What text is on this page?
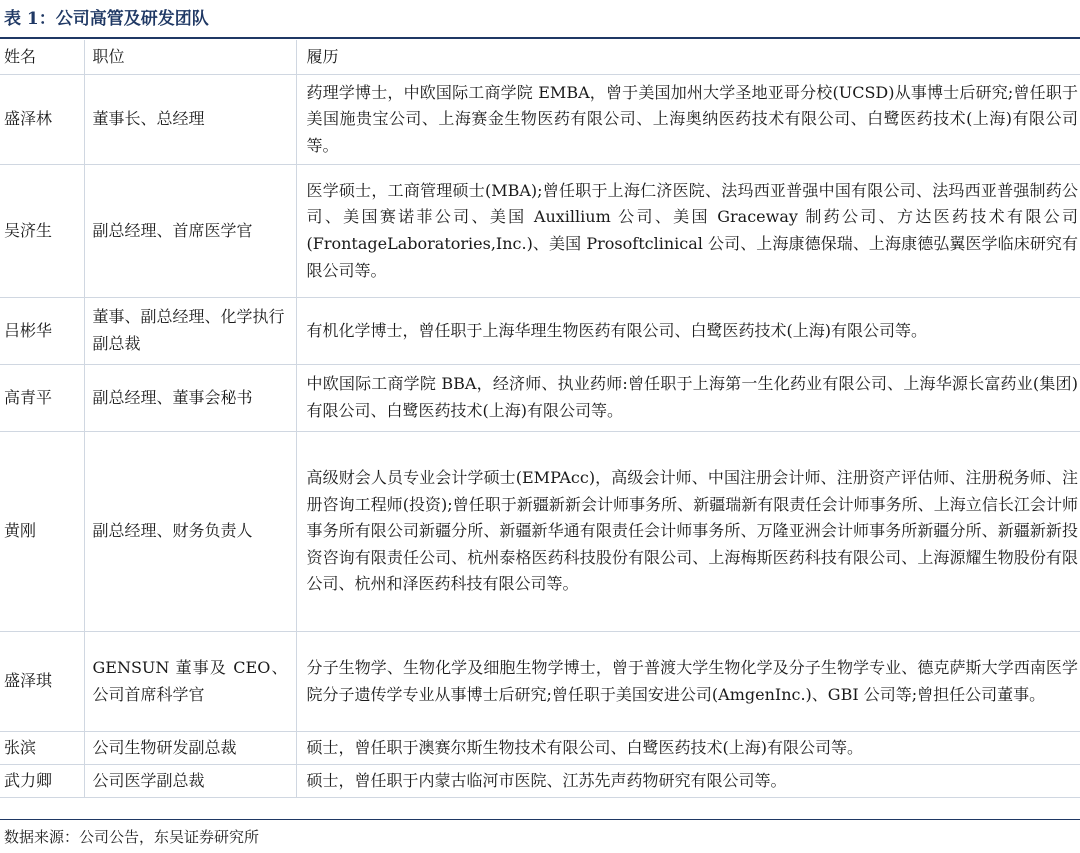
表 1：公司高管及研发团队
姓名	职位	履历
盛泽林	董事长、总经理	药理学博士，中欧国际工商学院 EMBA，曾于美国加州大学圣地亚哥分校(UCSD)从事博士后研究;曾任职于美国施贵宝公司、上海赛金生物医药有限公司、上海奥纳医药技术有限公司、白鹭医药技术(上海)有限公司等。
吴济生	副总经理、首席医学官	医学硕士，工商管理硕士(MBA);曾任职于上海仁济医院、法玛西亚普强中国有限公司、法玛西亚普强制药公司、美国赛诺菲公司、美国 Auxillium 公司、美国 Graceway 制药公司、方达医药技术有限公司(FrontageLaboratories,Inc.)、美国 Prosoftclinical 公司、上海康德保瑞、上海康德弘翼医学临床研究有限公司等。
吕彬华	董事、副总经理、化学执行副总裁	有机化学博士，曾任职于上海华理生物医药有限公司、白鹭医药技术(上海)有限公司等。
高青平	副总经理、董事会秘书	中欧国际工商学院 BBA，经济师、执业药师:曾任职于上海第一生化药业有限公司、上海华源长富药业(集团)有限公司、白鹭医药技术(上海)有限公司等。
黄刚	副总经理、财务负责人	高级财会人员专业会计学硕士(EMPAcc)，高级会计师、中国注册会计师、注册资产评估师、注册税务师、注册咨询工程师(投资);曾任职于新疆新新会计师事务所、新疆瑞新有限责任会计师事务所、上海立信长江会计师事务所有限公司新疆分所、新疆新华通有限责任会计师事务所、万隆亚洲会计师事务所新疆分所、新疆新新投资咨询有限责任公司、杭州泰格医药科技股份有限公司、上海梅斯医药科技有限公司、上海源耀生物股份有限公司、杭州和泽医药科技有限公司等。
盛泽琪	GENSUN 董事及 CEO、公司首席科学官	分子生物学、生物化学及细胞生物学博士，曾于普渡大学生物化学及分子生物学专业、德克萨斯大学西南医学院分子遗传学专业从事博士后研究;曾任职于美国安进公司(AmgenInc.)、GBI 公司等;曾担任公司董事。
张滨	公司生物研发副总裁	硕士，曾任职于澳赛尔斯生物技术有限公司、白鹭医药技术(上海)有限公司等。
武力卿	公司医学副总裁	硕士，曾任职于内蒙古临河市医院、江苏先声药物研究有限公司等。
数据来源：公司公告，东吴证券研究所
